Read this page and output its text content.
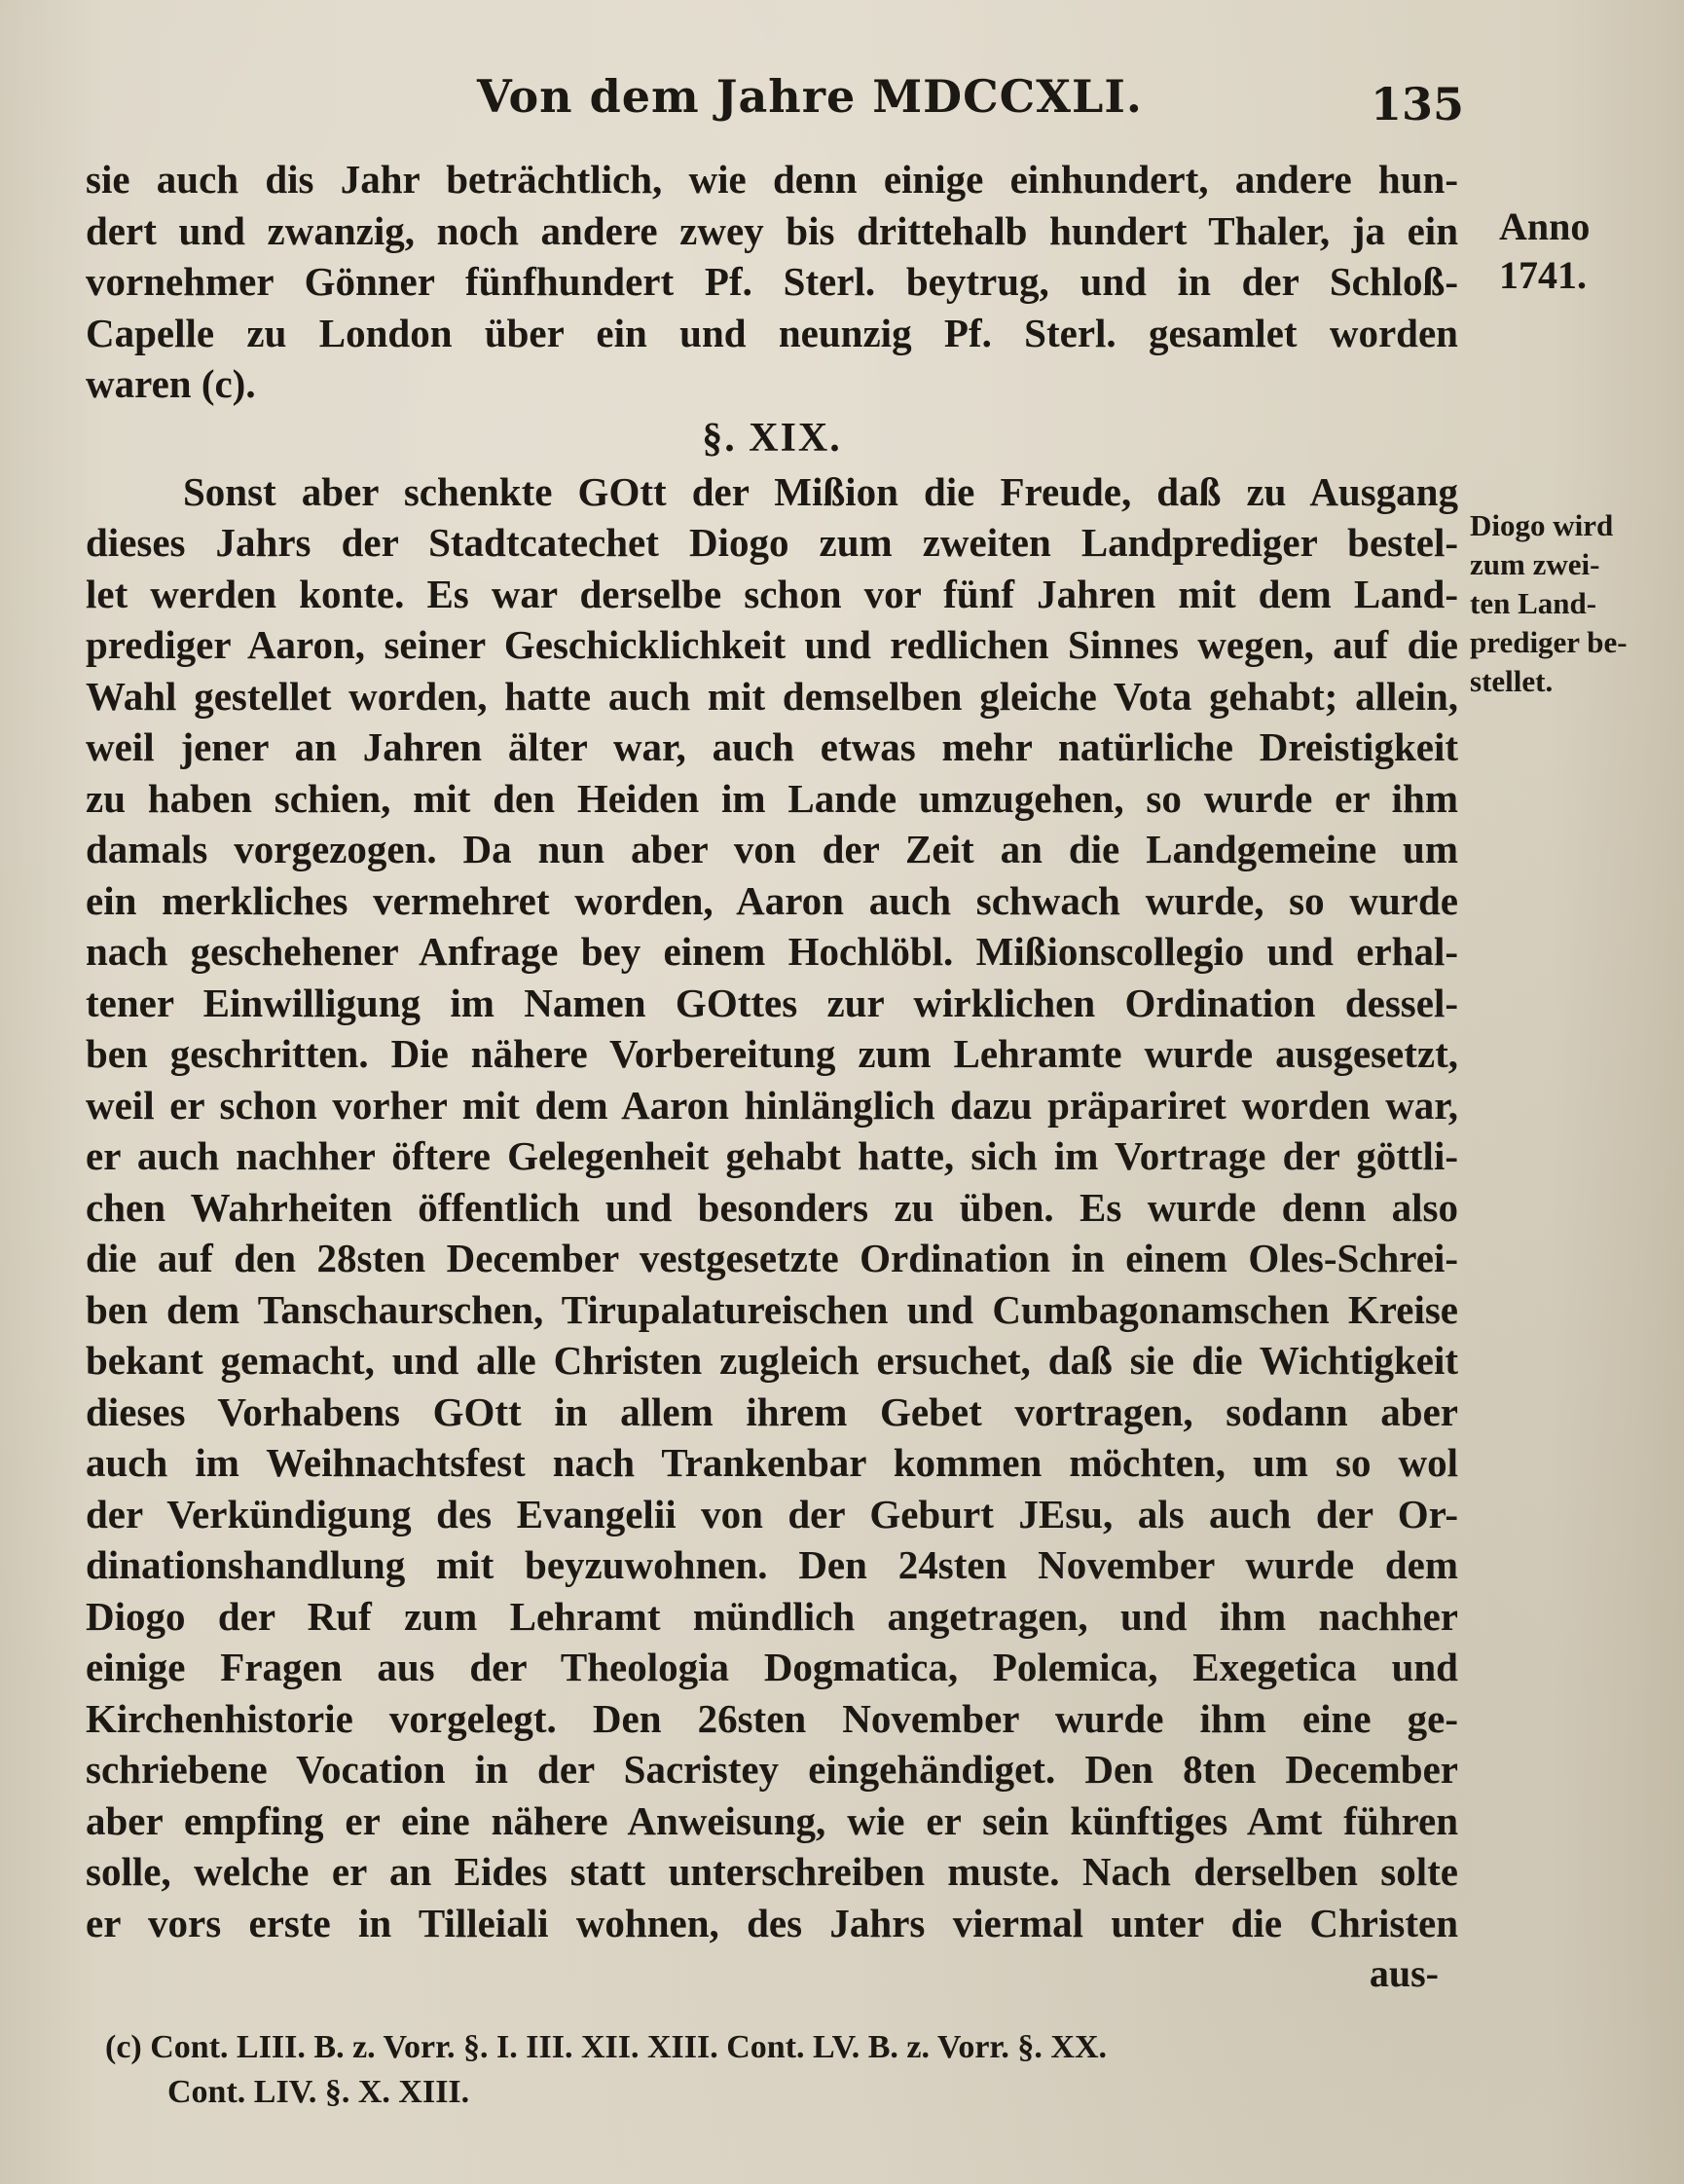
Von dem Jahre MDCCXLI.	135
Anno
1741.
Diogo wird
zum zwei-
ten Land-
prediger be-
stellet.
sie auch dis Jahr beträchtlich, wie denn einige einhundert, andere hun-
dert und zwanzig, noch andere zwey bis drittehalb hundert Thaler, ja ein
vornehmer Gönner fünfhundert Pf. Sterl. beytrug, und in der Schloß-
Capelle zu London über ein und neunzig Pf. Sterl. gesamlet worden
waren (c).
§. XIX.
Sonst aber schenkte GOtt der Mißion die Freude, daß zu Ausgang
dieses Jahrs der Stadtcatechet Diogo zum zweiten Landprediger bestel-
let werden konte. Es war derselbe schon vor fünf Jahren mit dem Land-
prediger Aaron, seiner Geschicklichkeit und redlichen Sinnes wegen, auf die
Wahl gestellet worden, hatte auch mit demselben gleiche Vota gehabt; allein,
weil jener an Jahren älter war, auch etwas mehr natürliche Dreistigkeit
zu haben schien, mit den Heiden im Lande umzugehen, so wurde er ihm
damals vorgezogen. Da nun aber von der Zeit an die Landgemeine um
ein merkliches vermehret worden, Aaron auch schwach wurde, so wurde
nach geschehener Anfrage bey einem Hochlöbl. Mißionscollegio und erhal-
tener Einwilligung im Namen GOttes zur wirklichen Ordination dessel-
ben geschritten. Die nähere Vorbereitung zum Lehramte wurde ausgesetzt,
weil er schon vorher mit dem Aaron hinlänglich dazu präpariret worden war,
er auch nachher öftere Gelegenheit gehabt hatte, sich im Vortrage der göttli-
chen Wahrheiten öffentlich und besonders zu üben. Es wurde denn also
die auf den 28sten December vestgesetzte Ordination in einem Oles-Schrei-
ben dem Tanschaurschen, Tirupalatureischen und Cumbagonamschen Kreise
bekant gemacht, und alle Christen zugleich ersuchet, daß sie die Wichtigkeit
dieses Vorhabens GOtt in allem ihrem Gebet vortragen, sodann aber
auch im Weihnachtsfest nach Trankenbar kommen möchten, um so wol
der Verkündigung des Evangelii von der Geburt JEsu, als auch der Or-
dinationshandlung mit beyzuwohnen. Den 24sten November wurde dem
Diogo der Ruf zum Lehramt mündlich angetragen, und ihm nachher
einige Fragen aus der Theologia Dogmatica, Polemica, Exegetica und
Kirchenhistorie vorgelegt. Den 26sten November wurde ihm eine ge-
schriebene Vocation in der Sacristey eingehändiget. Den 8ten December
aber empfing er eine nähere Anweisung, wie er sein künftiges Amt führen
solle, welche er an Eides statt unterschreiben muste. Nach derselben solte
er vors erste in Tilleiali wohnen, des Jahrs viermal unter die Christen
aus-
(c) Cont. LIII. B. z. Vorr. §. I. III. XII. XIII. Cont. LV. B. z. Vorr. §. XX.
Cont. LIV. §. X. XIII.
